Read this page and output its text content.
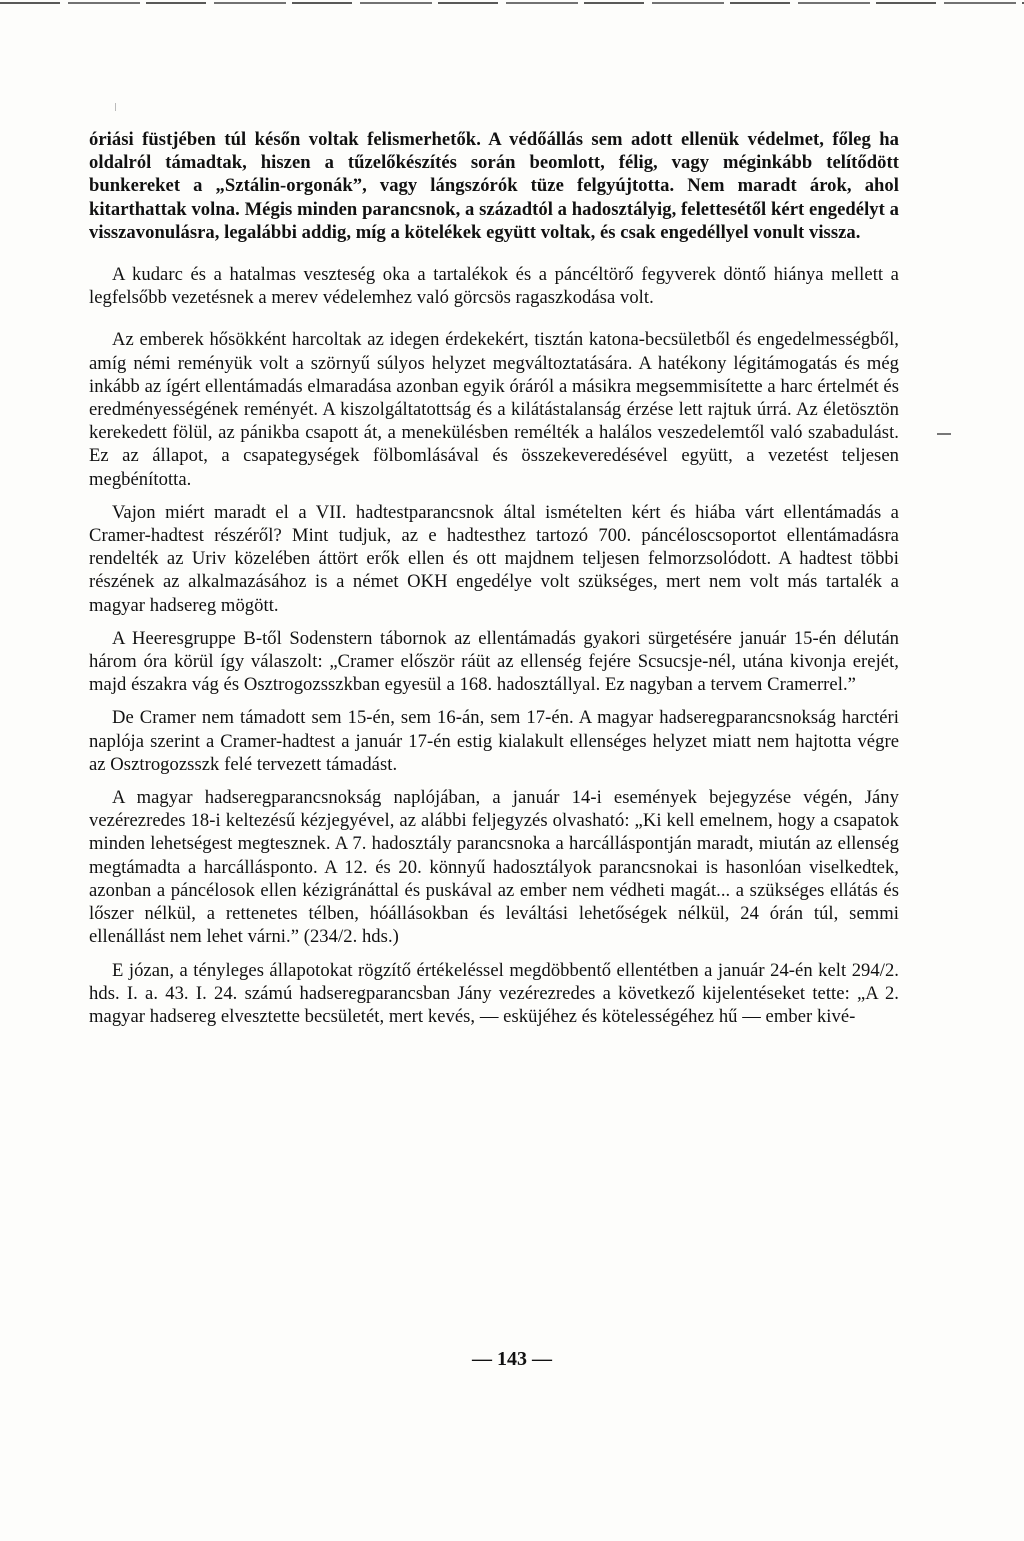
óriási füstjében túl későn voltak felismerhetők. A védőállás sem adott ellenük védelmet, főleg ha oldalról támadtak, hiszen a tűzelőkészítés során beomlott, félig, vagy méginkább telítődött bunkereket a „Sztálin-orgonák”, vagy lángszórók tüze felgyújtotta. Nem maradt árok, ahol kitarthattak volna. Mégis minden parancsnok, a századtól a hadosztályig, felettesétől kért engedélyt a visszavonulásra, legalábbi addig, míg a kötelékek együtt voltak, és csak engedéllyel vonult vissza.

A kudarc és a hatalmas veszteség oka a tartalékok és a páncéltörő fegyverek döntő hiánya mellett a legfelsőbb vezetésnek a merev védelemhez való görcsös ragaszkodása volt.

Az emberek hősökként harcoltak az idegen érdekekért, tisztán katona-becsületből és engedelmességből, amíg némi reményük volt a szörnyű súlyos helyzet megváltoztatására. A hatékony légitámogatás és még inkább az ígért ellentámadás elmaradása azonban egyik óráról a másikra megsemmisítette a harc értelmét és eredményességének reményét. A kiszolgáltatottság és a kilátástalanság érzése lett rajtuk úrrá. Az életösztön kerekedett fölül, az pánikba csapott át, a menekülésben remélték a halálos veszedelemtől való szabadulást. Ez az állapot, a csapategységek fölbomlásával és összekeveredésével együtt, a vezetést teljesen megbénította.

Vajon miért maradt el a VII. hadtestparancsnok által ismételten kért és hiába várt ellentámadás a Cramer-hadtest részéről? Mint tudjuk, az e hadtesthez tartozó 700. páncéloscsoportot ellentámadásra rendelték az Uriv közelében áttört erők ellen és ott majdnem teljesen felmorzsolódott. A hadtest többi részének az alkalmazásához is a német OKH engedélye volt szükséges, mert nem volt más tartalék a magyar hadsereg mögött.

A Heeresgruppe B-től Sodenstern tábornok az ellentámadás gyakori sürgetésére január 15-én délután három óra körül így válaszolt: „Cramer először ráüt az ellenség fejére Scsucsje-nél, utána kivonja erejét, majd északra vág és Osztrogozsszkban egyesül a 168. hadosztállyal. Ez nagyban a tervem Cramerrel.”

De Cramer nem támadott sem 15-én, sem 16-án, sem 17-én. A magyar hadseregparancsnokság harctéri naplója szerint a Cramer-hadtest a január 17-én estig kialakult ellenséges helyzet miatt nem hajtotta végre az Osztrogozsszk felé tervezett támadást.

A magyar hadseregparancsnokság naplójában, a január 14-i események bejegyzése végén, Jány vezérezredes 18-i keltezésű kézjegyével, az alábbi feljegyzés olvasható: „Ki kell emelnem, hogy a csapatok minden lehetségest megtesznek. A 7. hadosztály parancsnoka a harcálláspontján maradt, miután az ellenség megtámadta a harcállásponto. A 12. és 20. könnyű hadosztályok parancsnokai is hasonlóan viselkedtek, azonban a páncélosok ellen kézigránáttal és puskával az ember nem védheti magát... a szükséges ellátás és lőszer nélkül, a rettenetes télben, hóállásokban és leváltási lehetőségek nélkül, 24 órán túl, semmi ellenállást nem lehet várni.” (234/2. hds.)

E józan, a tényleges állapotokat rögzítő értékeléssel megdöbbentő ellentétben a január 24-én kelt 294/2. hds. I. a. 43. I. 24. számú hadseregparancsban Jány vezérezredes a következő kijelentéseket tette: „A 2. magyar hadsereg elvesztette becsületét, mert kevés, — esküjéhez és kötelességéhez hű — ember kivé-

— 143 —
